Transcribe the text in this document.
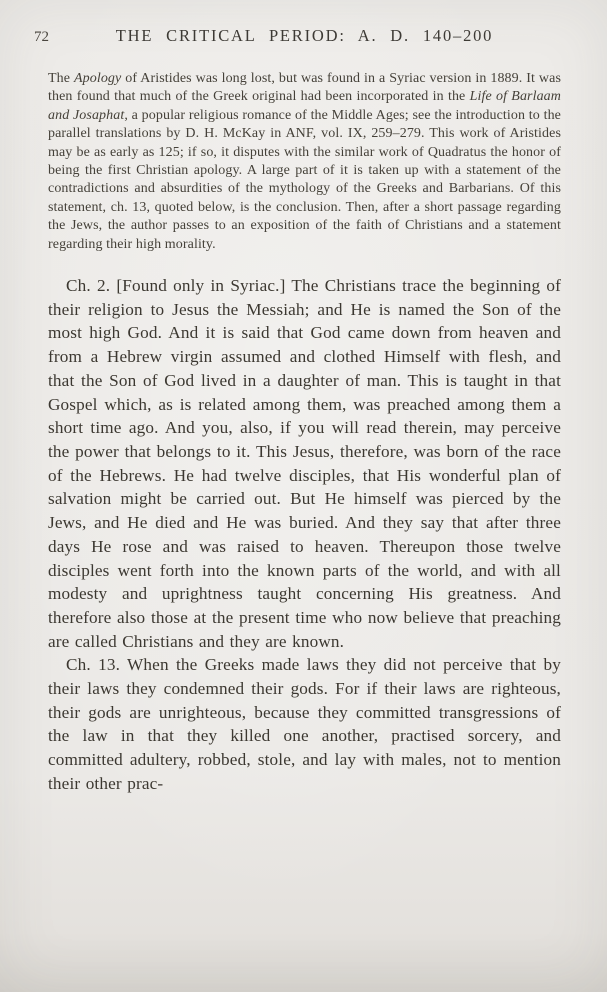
72	THE CRITICAL PERIOD: A. D. 140–200

The Apology of Aristides was long lost, but was found in a Syriac version in 1889. It was then found that much of the Greek original had been incorporated in the Life of Barlaam and Josaphat, a popular religious romance of the Middle Ages; see the introduction to the parallel translations by D. H. McKay in ANF, vol. IX, 259–279. This work of Aristides may be as early as 125; if so, it disputes with the similar work of Quadratus the honor of being the first Christian apology. A large part of it is taken up with a statement of the contradictions and absurdities of the mythology of the Greeks and Barbarians. Of this statement, ch. 13, quoted below, is the conclusion. Then, after a short passage regarding the Jews, the author passes to an exposition of the faith of Christians and a statement regarding their high morality.

Ch. 2. [Found only in Syriac.] The Christians trace the beginning of their religion to Jesus the Messiah; and He is named the Son of the most high God. And it is said that God came down from heaven and from a Hebrew virgin assumed and clothed Himself with flesh, and that the Son of God lived in a daughter of man. This is taught in that Gospel which, as is related among them, was preached among them a short time ago. And you, also, if you will read therein, may perceive the power that belongs to it. This Jesus, therefore, was born of the race of the Hebrews. He had twelve disciples, that His wonderful plan of salvation might be carried out. But He himself was pierced by the Jews, and He died and He was buried. And they say that after three days He rose and was raised to heaven. Thereupon those twelve disciples went forth into the known parts of the world, and with all modesty and uprightness taught concerning His greatness. And therefore also those at the present time who now believe that preaching are called Christians and they are known.

Ch. 13. When the Greeks made laws they did not perceive that by their laws they condemned their gods. For if their laws are righteous, their gods are unrighteous, because they committed transgressions of the law in that they killed one another, practised sorcery, and committed adultery, robbed, stole, and lay with males, not to mention their other prac-
